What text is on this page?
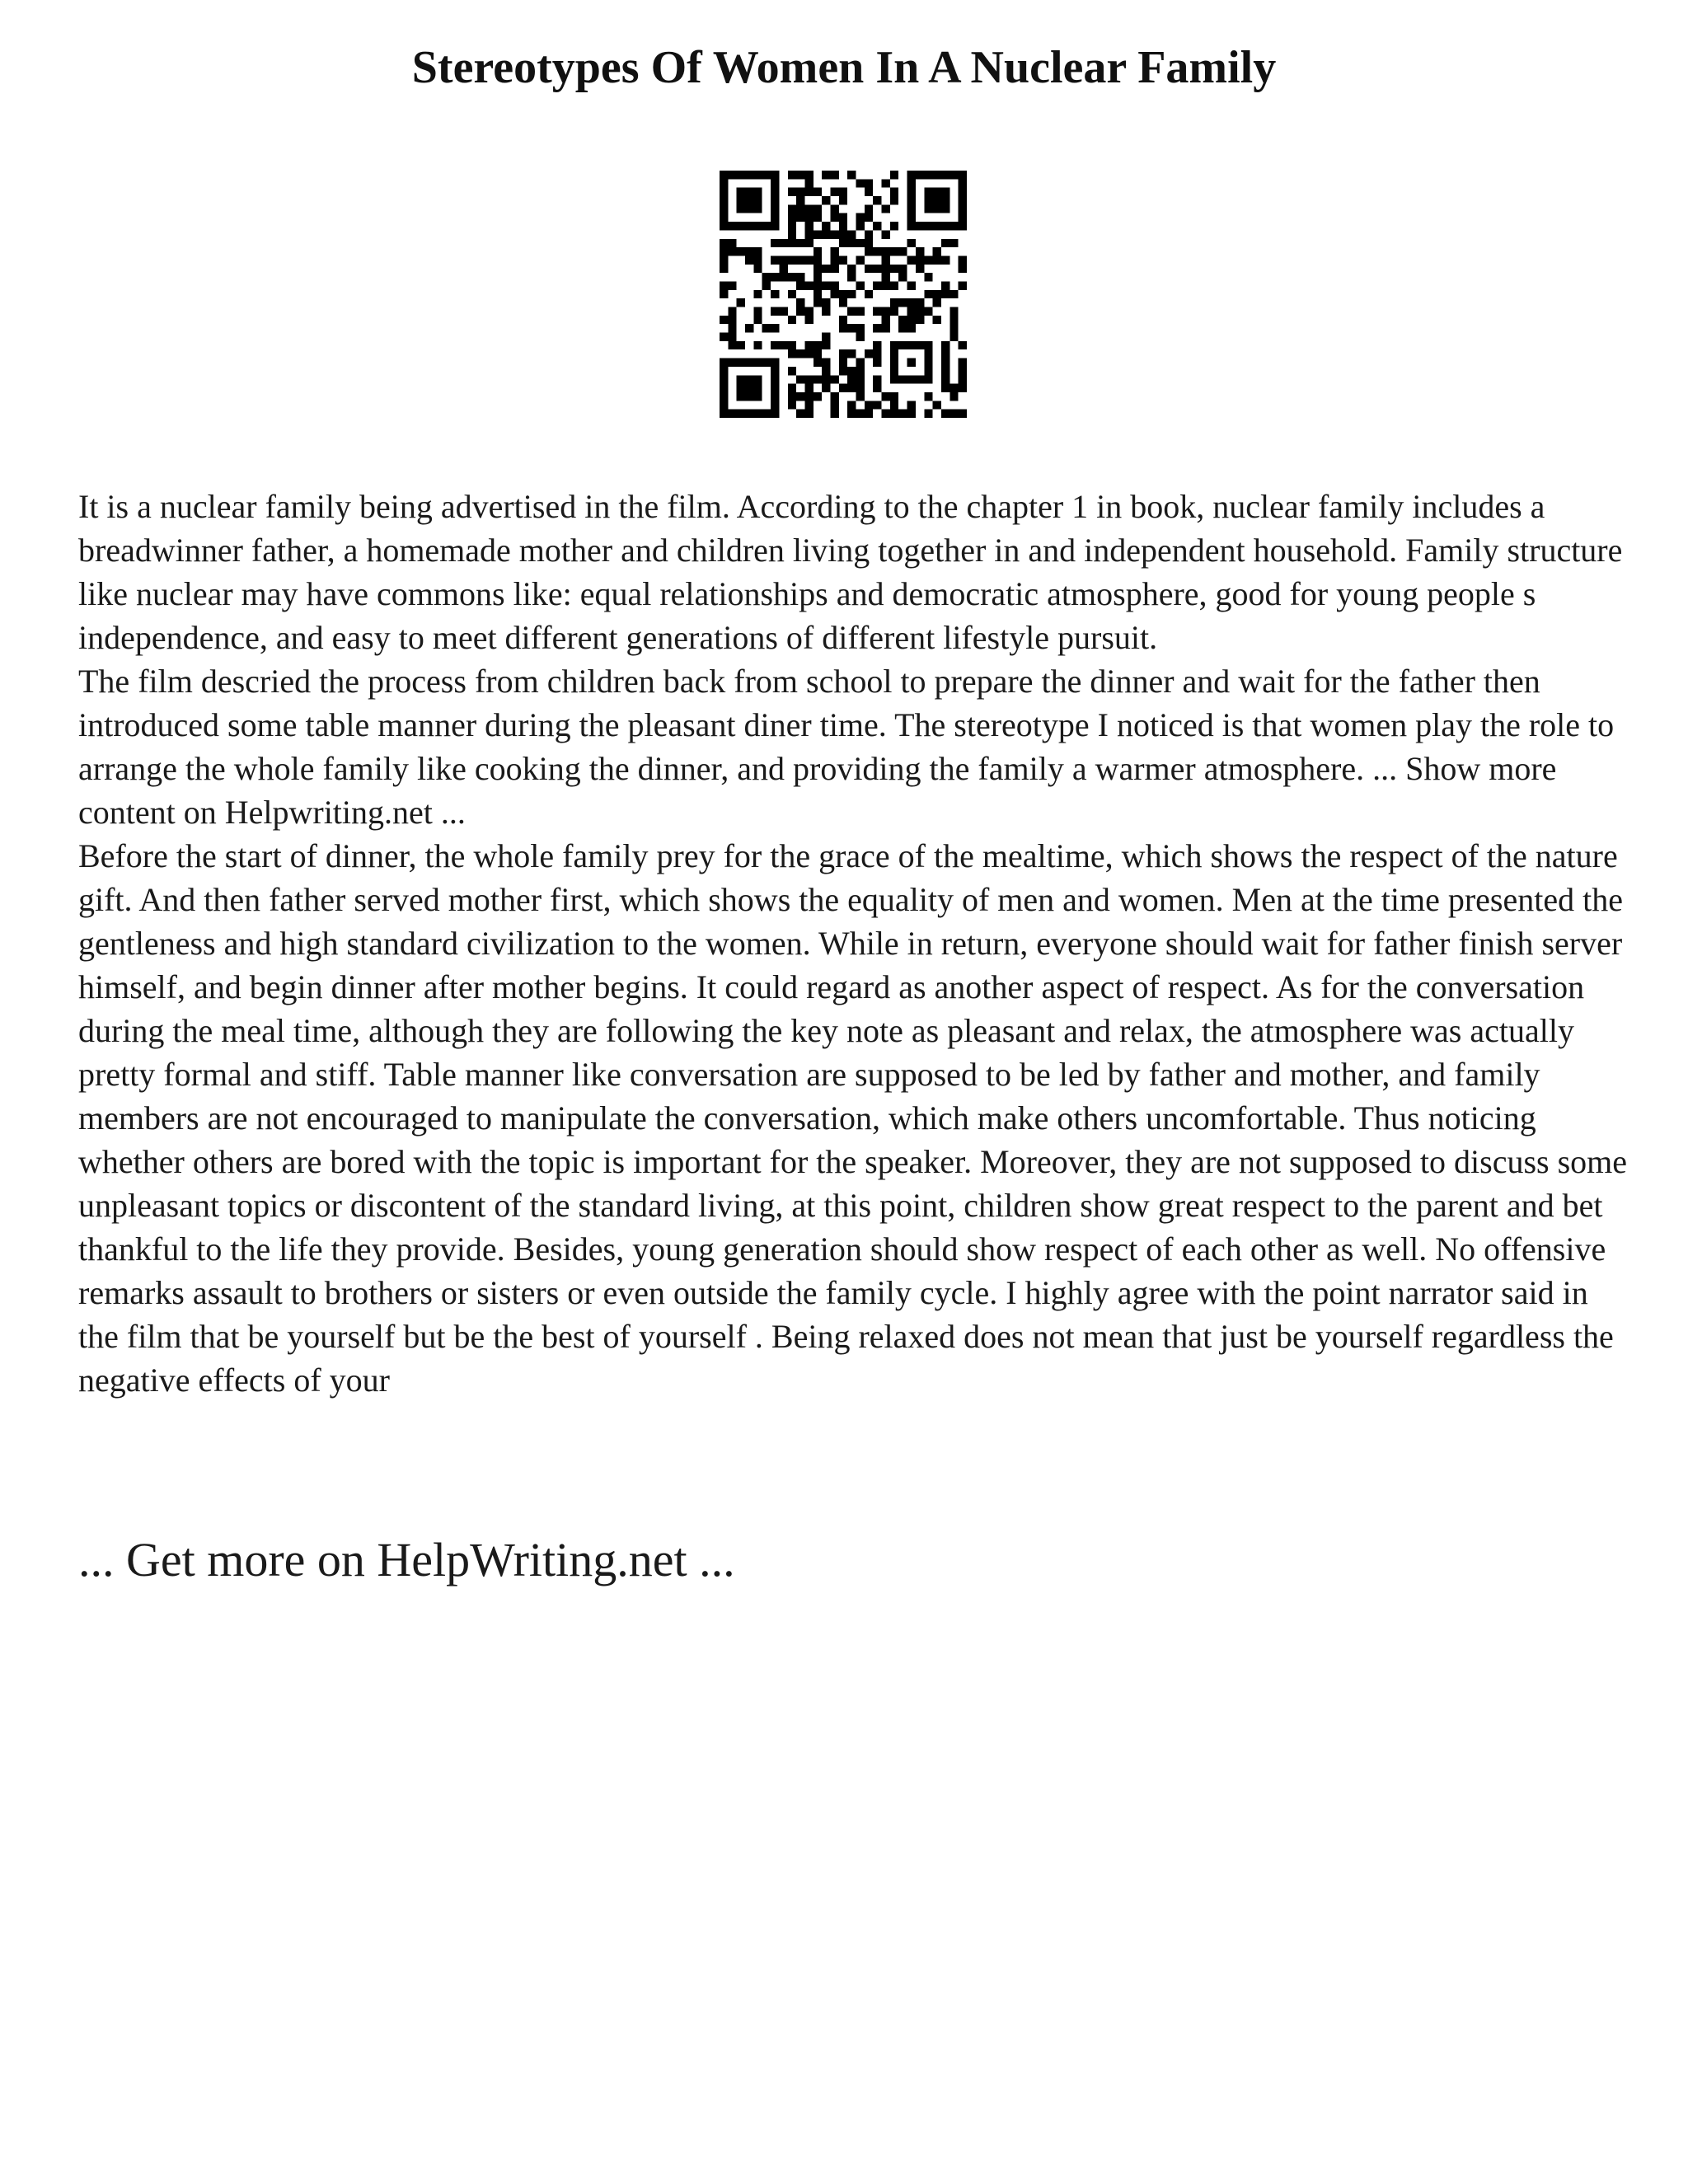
Stereotypes Of Women In A Nuclear Family

It is a nuclear family being advertised in the film. According to the chapter 1 in book, nuclear family includes a breadwinner father, a homemade mother and children living together in and independent household. Family structure like nuclear may have commons like: equal relationships and democratic atmosphere, good for young people s independence, and easy to meet different generations of different lifestyle pursuit.

The film descried the process from children back from school to prepare the dinner and wait for the father then introduced some table manner during the pleasant diner time. The stereotype I noticed is that women play the role to arrange the whole family like cooking the dinner, and providing the family a warmer atmosphere. ... Show more content on Helpwriting.net ...

Before the start of dinner, the whole family prey for the grace of the mealtime, which shows the respect of the nature gift. And then father served mother first, which shows the equality of men and women. Men at the time presented the gentleness and high standard civilization to the women. While in return, everyone should wait for father finish server himself, and begin dinner after mother begins. It could regard as another aspect of respect. As for the conversation during the meal time, although they are following the key note as pleasant and relax, the atmosphere was actually pretty formal and stiff. Table manner like conversation are supposed to be led by father and mother, and family members are not encouraged to manipulate the conversation, which make others uncomfortable. Thus noticing whether others are bored with the topic is important for the speaker. Moreover, they are not supposed to discuss some unpleasant topics or discontent of the standard living, at this point, children show great respect to the parent and bet thankful to the life they provide. Besides, young generation should show respect of each other as well. No offensive remarks assault to brothers or sisters or even outside the family cycle. I highly agree with the point narrator said in the film that be yourself but be the best of yourself . Being relaxed does not mean that just be yourself regardless the negative effects of your

... Get more on HelpWriting.net ...
